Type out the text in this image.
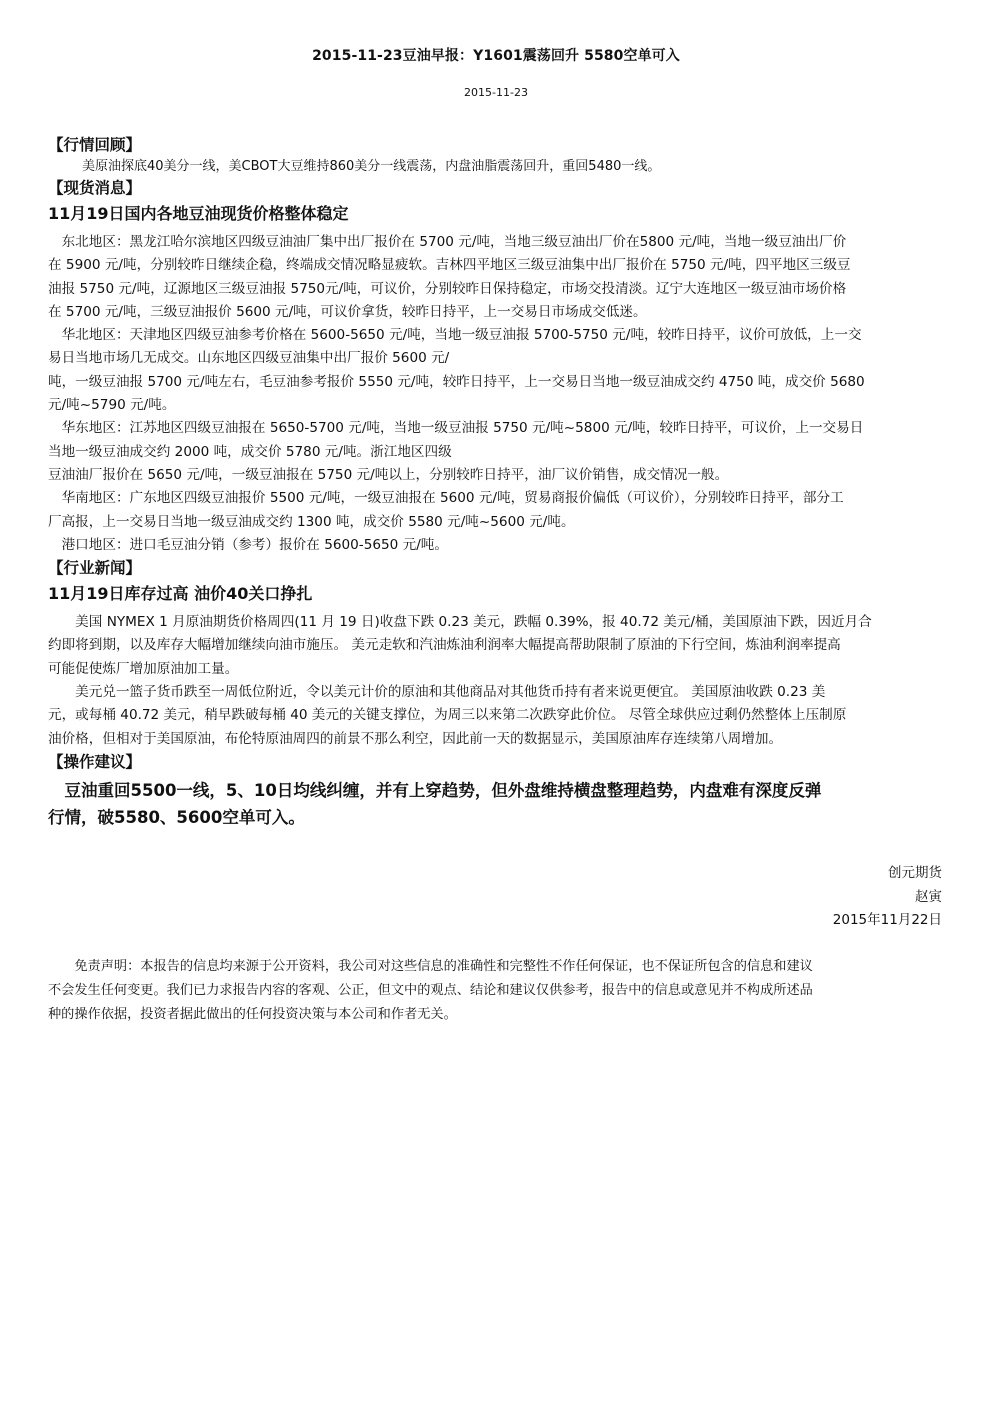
2015-11-23豆油早报：Y1601震荡回升 5580空单可入
2015-11-23
【行情回顾】
美原油探底40美分一线，美CBOT大豆维持860美分一线震荡，内盘油脂震荡回升，重回5480一线。
【现货消息】
11月19日国内各地豆油现货价格整体稳定
　东北地区：黑龙江哈尔滨地区四级豆油油厂集中出厂报价在 5700 元/吨，当地三级豆油出厂价在5800 元/吨，当地一级豆油出厂价
在 5900 元/吨，分别较昨日继续企稳，终端成交情况略显疲软。吉林四平地区三级豆油集中出厂报价在 5750 元/吨，四平地区三级豆
油报 5750 元/吨，辽源地区三级豆油报 5750元/吨，可议价，分别较昨日保持稳定，市场交投清淡。辽宁大连地区一级豆油市场价格
在 5700 元/吨，三级豆油报价 5600 元/吨，可议价拿货，较昨日持平，上一交易日市场成交低迷。
　华北地区：天津地区四级豆油参考价格在 5600-5650 元/吨，当地一级豆油报 5700-5750 元/吨，较昨日持平，议价可放低，上一交
易日当地市场几无成交。山东地区四级豆油集中出厂报价 5600 元/
吨，一级豆油报 5700 元/吨左右，毛豆油参考报价 5550 元/吨，较昨日持平，上一交易日当地一级豆油成交约 4750 吨，成交价 5680
元/吨~5790 元/吨。
　华东地区：江苏地区四级豆油报在 5650-5700 元/吨，当地一级豆油报 5750 元/吨~5800 元/吨，较昨日持平，可议价，上一交易日
当地一级豆油成交约 2000 吨，成交价 5780 元/吨。浙江地区四级
豆油油厂报价在 5650 元/吨，一级豆油报在 5750 元/吨以上，分别较昨日持平，油厂议价销售，成交情况一般。
　华南地区：广东地区四级豆油报价 5500 元/吨，一级豆油报在 5600 元/吨，贸易商报价偏低（可议价），分别较昨日持平，部分工
厂高报，上一交易日当地一级豆油成交约 1300 吨，成交价 5580 元/吨~5600 元/吨。
　港口地区：进口毛豆油分销（参考）报价在 5600-5650 元/吨。
【行业新闻】
11月19日库存过高 油价40关口挣扎
　　美国 NYMEX 1 月原油期货价格周四(11 月 19 日)收盘下跌 0.23 美元，跌幅 0.39%，报 40.72 美元/桶，美国原油下跌，因近月合
约即将到期，以及库存大幅增加继续向油市施压。 美元走软和汽油炼油利润率大幅提高帮助限制了原油的下行空间，炼油利润率提高
可能促使炼厂增加原油加工量。
　　美元兑一篮子货币跌至一周低位附近，令以美元计价的原油和其他商品对其他货币持有者来说更便宜。 美国原油收跌 0.23 美
元，或每桶 40.72 美元，稍早跌破每桶 40 美元的关键支撑位，为周三以来第二次跌穿此价位。 尽管全球供应过剩仍然整体上压制原
油价格，但相对于美国原油，布伦特原油周四的前景不那么利空，因此前一天的数据显示，美国原油库存连续第八周增加。
【操作建议】
　豆油重回5500一线，5、10日均线纠缠，并有上穿趋势，但外盘维持横盘整理趋势，内盘难有深度反弹
行情，破5580、5600空单可入。
创元期货
赵寅
2015年11月22日
　　免责声明：本报告的信息均来源于公开资料，我公司对这些信息的准确性和完整性不作任何保证，也不保证所包含的信息和建议
不会发生任何变更。我们已力求报告内容的客观、公正，但文中的观点、结论和建议仅供参考，报告中的信息或意见并不构成所述品
种的操作依据，投资者据此做出的任何投资决策与本公司和作者无关。
